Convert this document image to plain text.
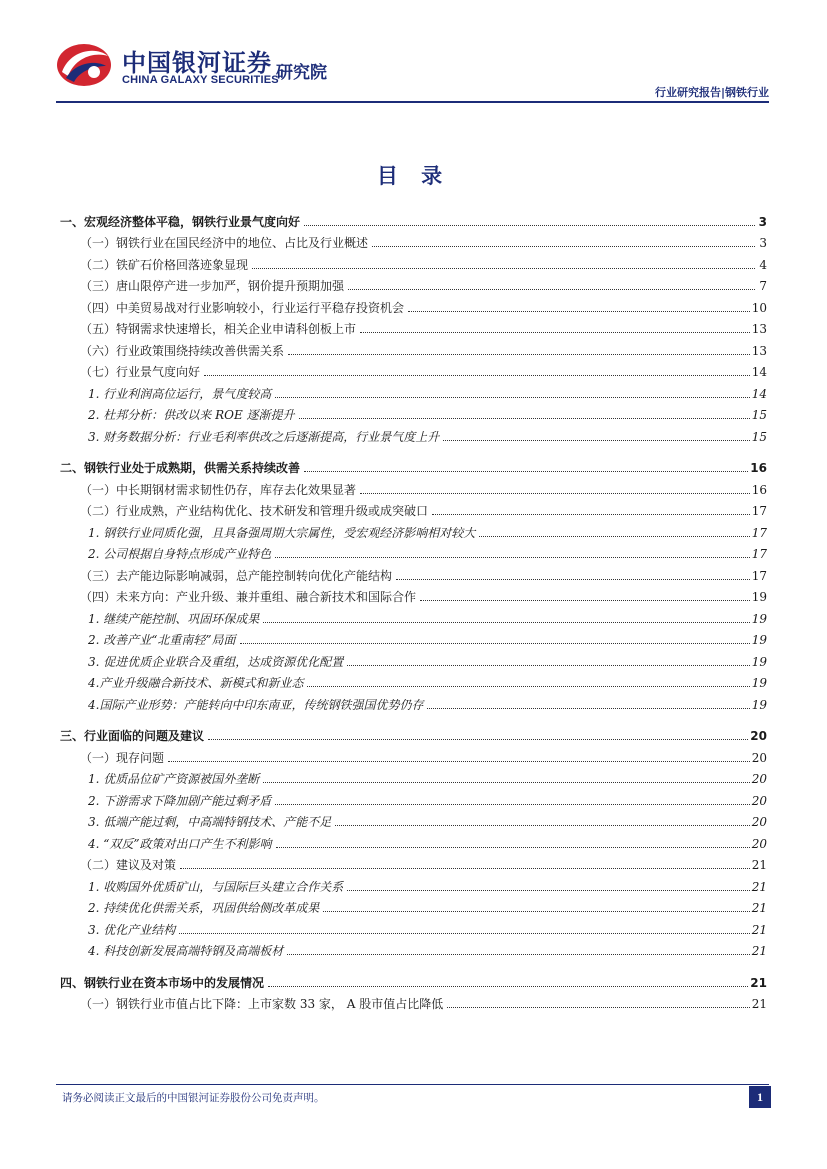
中国银河证券
CHINA GALAXY SECURITIES
研究院
行业研究报告|钢铁行业
目 录
一、宏观经济整体平稳，钢铁行业景气度向好	3
（一）钢铁行业在国民经济中的地位、占比及行业概述	3
（二）铁矿石价格回落迹象显现	4
（三）唐山限停产进一步加严，钢价提升预期加强	7
（四）中美贸易战对行业影响较小，行业运行平稳存投资机会	10
（五）特钢需求快速增长，相关企业申请科创板上市	13
（六）行业政策围绕持续改善供需关系	13
（七）行业景气度向好	14
1. 行业利润高位运行，景气度较高	14
2. 杜邦分析：供改以来 ROE 逐渐提升	15
3. 财务数据分析：行业毛利率供改之后逐渐提高，行业景气度上升	15
二、钢铁行业处于成熟期，供需关系持续改善	16
（一）中长期钢材需求韧性仍存，库存去化效果显著	16
（二）行业成熟，产业结构优化、技术研发和管理升级或成突破口	17
1. 钢铁行业同质化强，且具备强周期大宗属性，受宏观经济影响相对较大	17
2. 公司根据自身特点形成产业特色	17
（三）去产能边际影响减弱，总产能控制转向优化产能结构	17
（四）未来方向：产业升级、兼并重组、融合新技术和国际合作	19
1. 继续产能控制、巩固环保成果	19
2. 改善产业“北重南轻”局面	19
3. 促进优质企业联合及重组，达成资源优化配置	19
4.产业升级融合新技术、新模式和新业态	19
4.国际产业形势：产能转向中印东南亚，传统钢铁强国优势仍存	19
三、行业面临的问题及建议	20
（一）现存问题	20
1. 优质品位矿产资源被国外垄断	20
2. 下游需求下降加剧产能过剩矛盾	20
3. 低端产能过剩，中高端特钢技术、产能不足	20
4. “双反”政策对出口产生不利影响	20
（二）建议及对策	21
1. 收购国外优质矿山，与国际巨头建立合作关系	21
2. 持续优化供需关系，巩固供给侧改革成果	21
3. 优化产业结构	21
4. 科技创新发展高端特钢及高端板材	21
四、钢铁行业在资本市场中的发展情况	21
（一）钢铁行业市值占比下降：上市家数 33 家， A 股市值占比降低	21
请务必阅读正文最后的中国银河证券股份公司免责声明。	1
